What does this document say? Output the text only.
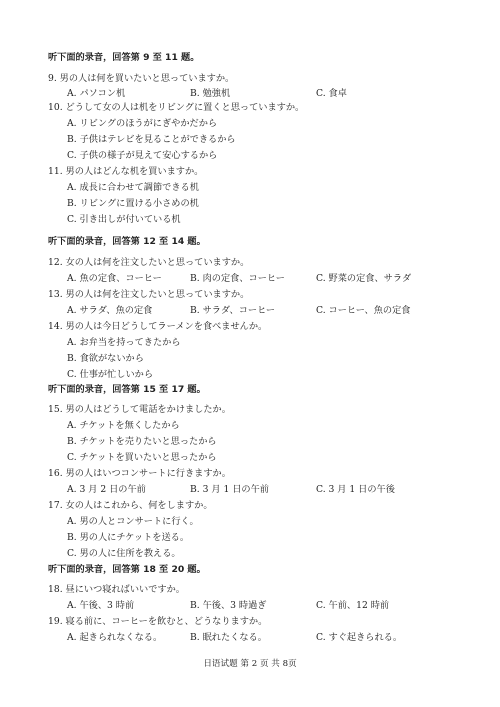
听下面的录音，回答第 9 至 11 题。
9. 男の人は何を買いたいと思っていますか。
A. パソコン机	B. 勉強机	C. 食卓
10. どうして女の人は机をリビングに置くと思っていますか。
A. リビングのほうがにぎやかだから
B. 子供はテレビを見ることができるから
C. 子供の様子が見えて安心するから
11. 男の人はどんな机を買いますか。
A. 成長に合わせて調節できる机
B. リビングに置ける小さめの机
C. 引き出しが付いている机
听下面的录音，回答第 12 至 14 题。
12. 女の人は何を注文したいと思っていますか。
A. 魚の定食、コーヒー	B. 肉の定食、コーヒー	C. 野菜の定食、サラダ
13. 男の人は何を注文したいと思っていますか。
A. サラダ、魚の定食	B. サラダ、コーヒー	C. コーヒー、魚の定食
14. 男の人は今日どうしてラーメンを食べませんか。
A. お弁当を持ってきたから
B. 食欲がないから
C. 仕事が忙しいから
听下面的录音，回答第 15 至 17 题。
15. 男の人はどうして電話をかけましたか。
A. チケットを無くしたから
B. チケットを売りたいと思ったから
C. チケットを買いたいと思ったから
16. 男の人はいつコンサートに行きますか。
A. 3 月 2 日の午前	B. 3 月 1 日の午前	C. 3 月 1 日の午後
17. 女の人はこれから、何をしますか。
A. 男の人とコンサートに行く。
B. 男の人にチケットを送る。
C. 男の人に住所を教える。
听下面的录音，回答第 18 至 20 题。
18. 昼にいつ寝ればいいですか。
A. 午後、3 時前	B. 午後、3 時過ぎ	C. 午前、12 時前
19. 寝る前に、コーヒーを飲むと、どうなりますか。
A. 起きられなくなる。	B. 眠れたくなる。	C. すぐ起きられる。
日语试题 第 2 页 共 8页
